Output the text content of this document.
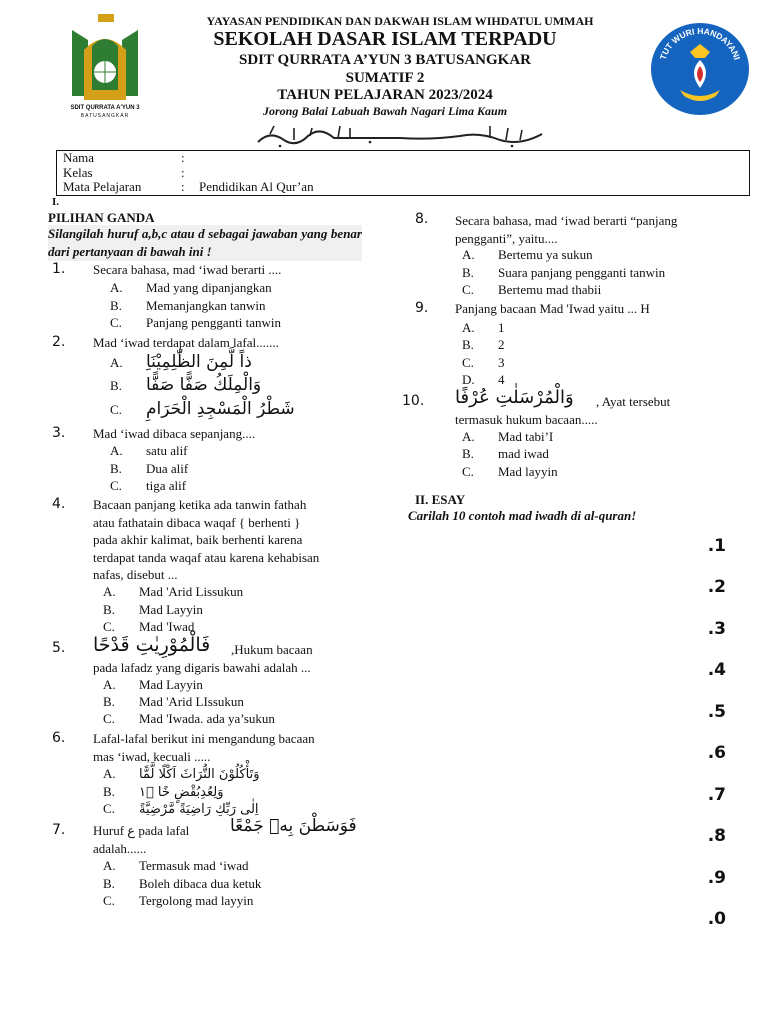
YAYASAN PENDIDIKAN DAN DAKWAH ISLAM WIHDATUL UMMAH
SEKOLAH DASAR ISLAM TERPADU
SDIT QURRATA A’YUN 3 BATUSANGKAR
SUMATIF 2
TAHUN PELAJARAN 2023/2024
Jorong Balai Labuah Bawah Nagari Lima Kaum
SDIT QURRATA A'YUN 3
BATUSANGKAR
TUT WURI HANDAYANI
Nama	:
Kelas	:
Mata Pelajaran	: Pendidikan Al Qur’an
I.
PILIHAN GANDA
Silangilah huruf a,b,c atau d sebagai jawaban yang benar dari pertanyaan di bawah ini !
1. Secara bahasa, mad ‘iwad berarti ....
A. Mad yang dipanjangkan
B. Memanjangkan tanwin
C. Panjang pengganti tanwin
2. Mad ‘iwad terdapat dalam lafal.......
A. ذاً لَّمِنَ الظّٰلِمِيْنَاِ
B. وَالْمِلَكُ صَفًّا صَفًّا
C. شَطْرُ الْمَسْجِدِ الْحَرَامِ
3. Mad ‘iwad dibaca sepanjang....
A. satu alif
B. Dua alif
C. tiga alif
4. Bacaan panjang ketika ada tanwin fathah
atau fathatain dibaca waqaf { berhenti }
pada akhir kalimat, baik berhenti karena
terdapat tanda waqaf atau karena kehabisan
nafas, disebut ...
A. Mad 'Arid Lissukun
B. Mad Layyin
C. Mad 'Iwad
5. فَالْمُوْرِيٰتِ قَدْحًا ,Hukum bacaan
pada lafadz yang digaris bawahi adalah ...
A. Mad Layyin
B. Mad 'Arid LIssukun
C. Mad 'Iwada. ada ya’sukun
6. Lafal-lafal berikut ini mengandung bacaan
mas ‘iwad, kecuali .....
A. وَتَأْكُلُوْنَ التُّرَاثَ اَكْلًا لَّمًّا
B. وَلِعُدِبُقْضٍ خًا ۱ۘ
C. اِلٰى رَبِّكِ رَاضِيَةً مَّرْضِيَّةً
7. Huruf ع pada lafal فَوَسَطْنَ بِهٖ جَمْعًا
adalah......
A. Termasuk mad ‘iwad
B. Boleh dibaca dua ketuk
C. Tergolong mad layyin
8. Secara bahasa, mad ‘iwad berarti “panjang
pengganti”, yaitu....
A. Bertemu ya sukun
B. Suara panjang pengganti tanwin
C. Bertemu mad thabii
9. Panjang bacaan Mad 'Iwad yaitu ... H
A. 1
B. 2
C. 3
D. 4
10. وَالْمُرْسَلٰتِ عُرْفًا , Ayat tersebut
termasuk hukum bacaan.....
A. Mad tabi’I
B. mad iwad
C. Mad layyin
II. ESAY
Carilah 10 contoh mad iwadh di al-quran!
.1
.2
.3
.4
.5
.6
.7
.8
.9
.0
